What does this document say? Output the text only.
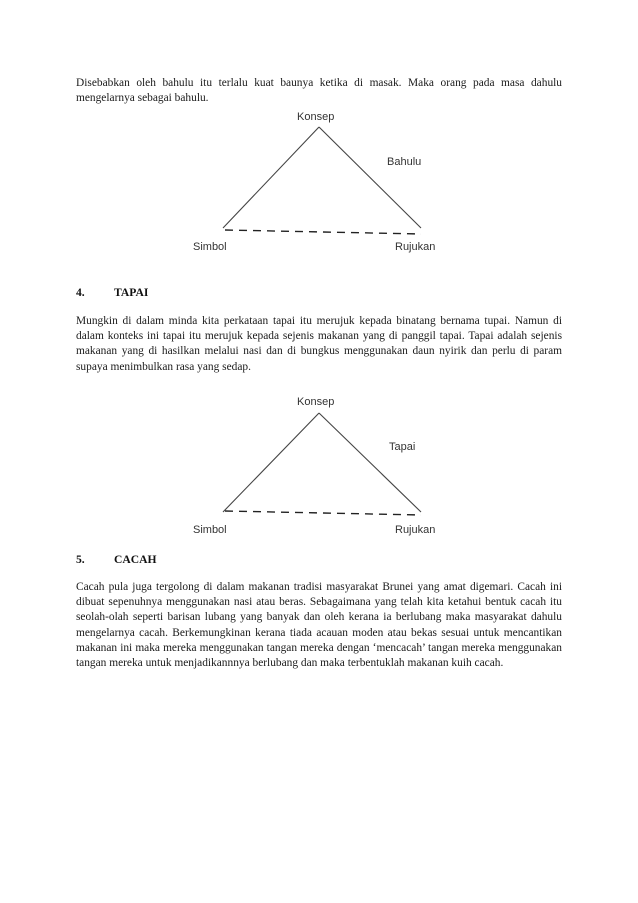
Disebabkan oleh bahulu itu terlalu kuat baunya ketika di masak. Maka orang pada masa dahulu mengelarnya sebagai bahulu.

Konsep
Bahulu
Simbol	Rujukan

4.	TAPAI

Mungkin di dalam minda kita perkataan tapai itu merujuk kepada binatang bernama tupai. Namun di dalam konteks ini tapai itu merujuk kepada sejenis makanan yang di panggil tapai. Tapai adalah sejenis makanan yang di hasilkan melalui nasi dan di bungkus menggunakan daun nyirik dan perlu di param supaya menimbulkan rasa yang sedap.

Konsep
Tapai
Simbol	Rujukan

5.	CACAH

Cacah pula juga tergolong di dalam makanan tradisi masyarakat Brunei yang amat digemari. Cacah ini dibuat sepenuhnya menggunakan nasi atau beras. Sebagaimana yang telah kita ketahui bentuk cacah itu seolah-olah seperti barisan lubang yang banyak dan oleh kerana ia berlubang maka masyarakat dahulu mengelarnya cacah. Berkemungkinan kerana tiada acauan moden atau bekas sesuai untuk mencantikan makanan ini maka mereka menggunakan tangan mereka dengan ‘mencacah’ tangan mereka menggunakan tangan mereka untuk menjadikannnya berlubang dan maka terbentuklah makanan kuih cacah.
